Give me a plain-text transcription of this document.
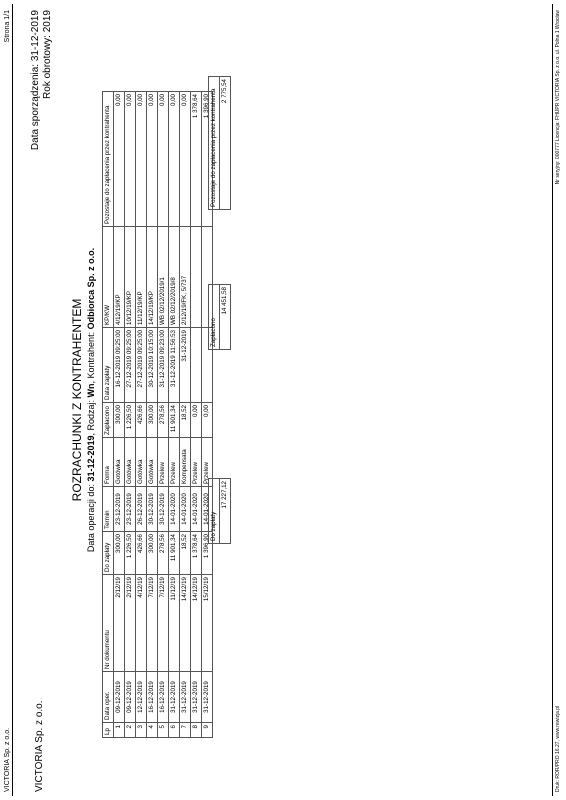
VICTORIA Sp. z o.o.
Strona 1/1
VICTORIA Sp. z o.o.
Data sporządzenia: 31-12-2019 Rok obrotowy: 2019
ROZRACHUNKI Z KONTRAHENTEM
Data operacji do: 31-12-2019, Rodzaj: Wn, Kontrahent: Odbiorca Sp. z o.o.
Lp	Data oper.	Nr dokumentu	Do zapłaty	Termin	Forma	Zapłacono	Data zapłaty	KP/KW	Pozostaje do zapłacenia przez kontrahenta
1	09-12-2019	2/12/19	300,00	23-12-2019	Gotówka	300,00	16-12-2019 09:25:00	4/12/19/KP	0,00
2	09-12-2019	2/12/19	1 226,50	23-12-2019	Gotówka	1 226,50	27-12-2019 09:25:00	10/12/19/KP	0,00
3	12-12-2019	4/12/19	426,66	26-12-2019	Gotówka	426,66	27-12-2019 09:25:00	11/12/19/KP	0,00
4	16-12-2019	7/12/19	300,00	30-12-2019	Gotówka	300,00	30-12-2019 10:15:00	14/12/19/KP	0,00
5	16-12-2019	7/12/19	278,56	30-12-2019	Przelew	278,56	31-12-2019 09:23:00	WB 02/12/2019/1	0,00
6	31-12-2019	11/12/19	11 901,34	14-01-2020	Przelew	11 901,34	31-12-2019 11:56:53	WB 02/12/2019/8	0,00
7	31-12-2019	14/12/19	18,52	14-01-2020	Kompensata	18,52	31-12-2019	2/12/19/FK, 5/737	0,00
8	31-12-2019	14/12/19	1 378,64	14-01-2020	Przelew	0,00			1 378,64
9	31-12-2019	15/12/19	1 396,90	14-01-2020	Przelew	0,00			1 396,90
Do zapłaty
17 227,12
Zapłacono
14 451,58
Pozostaje do zapłacenia przez kontrahenta
2 775,54
Druk: ROR/PRO 16.27, www.rewizja.pl
Nr seryjny: 000777 Licencja: FHUPR VICTORIA Sp. z o.o. ul. Polna 1 Wrocław
